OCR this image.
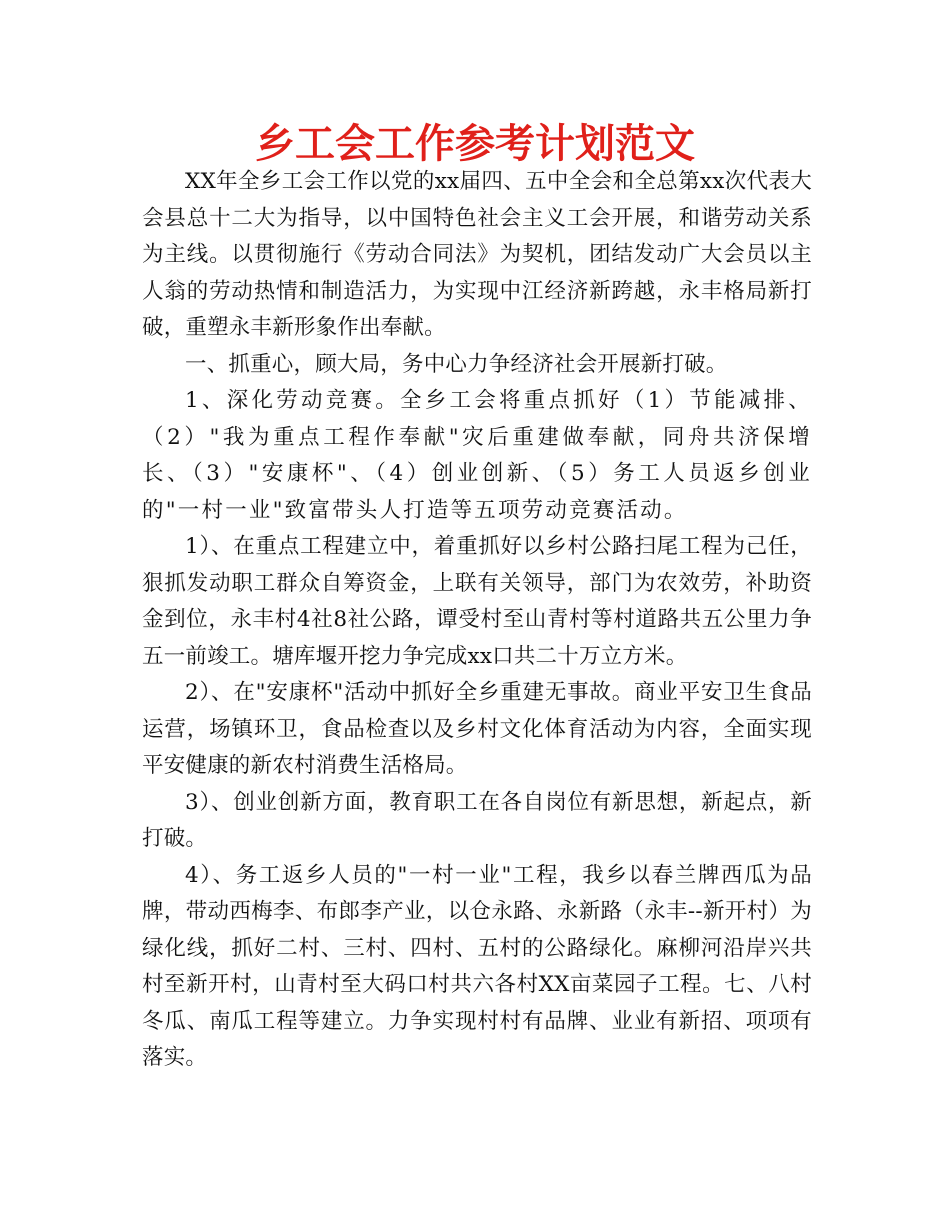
乡工会工作参考计划范文

XX年全乡工会工作以党的xx届四、五中全会和全总第xx次代表大会县总十二大为指导，以中国特色社会主义工会开展，和谐劳动关系为主线。以贯彻施行《劳动合同法》为契机，团结发动广大会员以主人翁的劳动热情和制造活力，为实现中江经济新跨越，永丰格局新打破，重塑永丰新形象作出奉献。

一、抓重心，顾大局，务中心力争经济社会开展新打破。

1、深化劳动竞赛。全乡工会将重点抓好（1）节能减排、（2）"我为重点工程作奉献"灾后重建做奉献，同舟共济保增长、（3）"安康杯"、（4）创业创新、（5）务工人员返乡创业的"一村一业"致富带头人打造等五项劳动竞赛活动。

1）、在重点工程建立中，着重抓好以乡村公路扫尾工程为己任，狠抓发动职工群众自筹资金，上联有关领导，部门为农效劳，补助资金到位，永丰村4社8社公路，谭受村至山青村等村道路共五公里力争五一前竣工。塘库堰开挖力争完成xx口共二十万立方米。

2）、在"安康杯"活动中抓好全乡重建无事故。商业平安卫生食品运营，场镇环卫，食品检查以及乡村文化体育活动为内容，全面实现平安健康的新农村消费生活格局。

3）、创业创新方面，教育职工在各自岗位有新思想，新起点，新打破。

4）、务工返乡人员的"一村一业"工程，我乡以春兰牌西瓜为品牌，带动西梅李、布郎李产业，以仓永路、永新路（永丰--新开村）为绿化线，抓好二村、三村、四村、五村的公路绿化。麻柳河沿岸兴共村至新开村，山青村至大码口村共六各村XX亩菜园子工程。七、八村冬瓜、南瓜工程等建立。力争实现村村有品牌、业业有新招、项项有落实。
